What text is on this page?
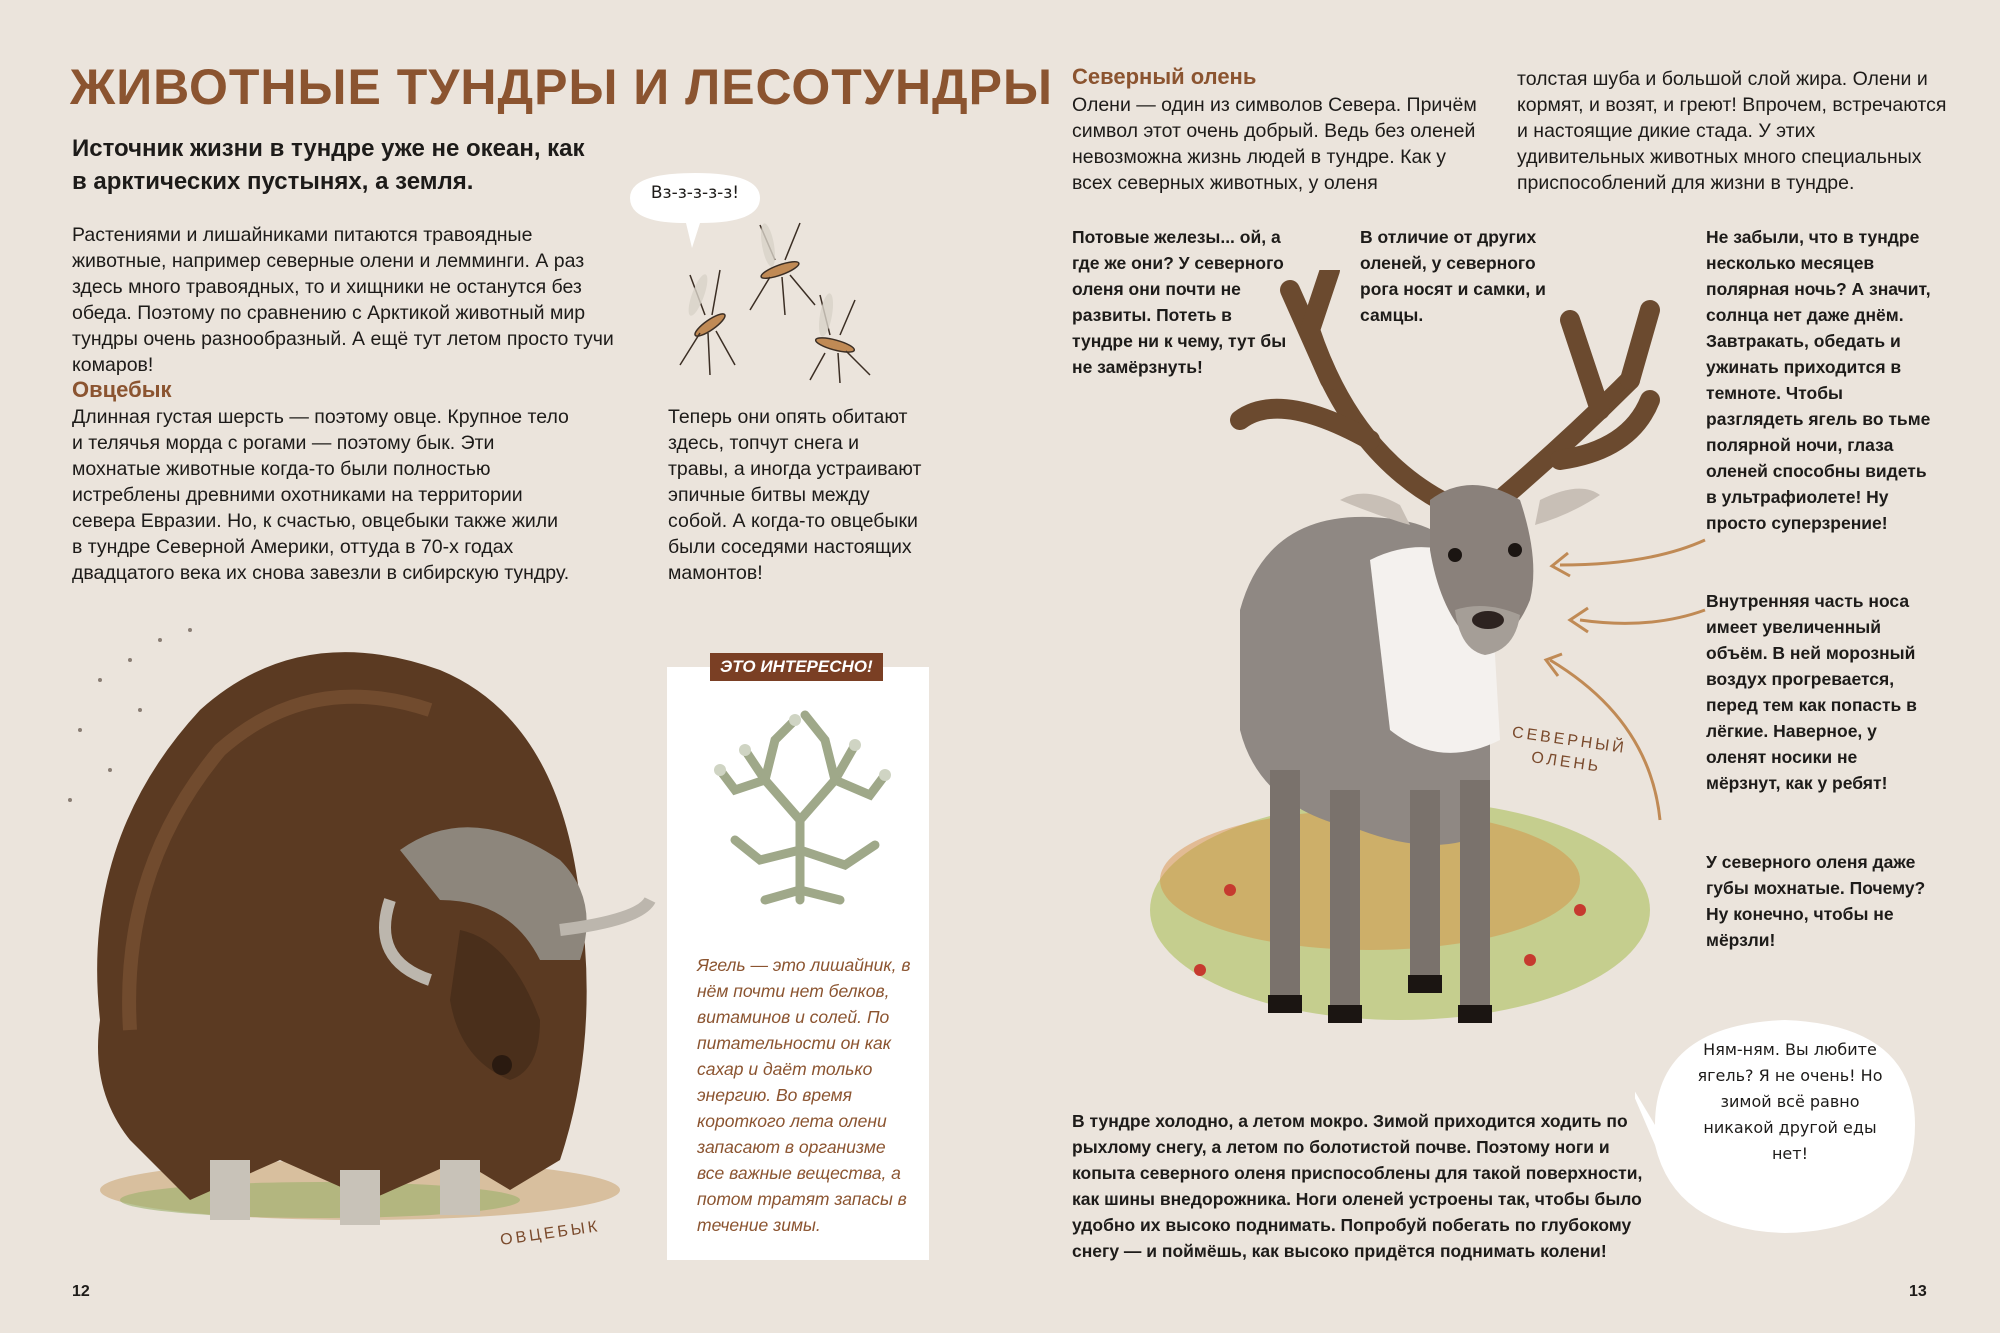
ЖИВОТНЫЕ ТУНДРЫ И ЛЕСОТУНДРЫ
Источник жизни в тундре уже не океан, как в арктических пустынях, а земля.	Вз-з-з-з-з!
Растениями и лишайниками питаются травоядные животные, например северные олени и лемминги. А раз здесь много травоядных, то и хищники не останутся без обеда. Поэтому по сравнению с Арктикой животный мир тундры очень разнообразный. А ещё тут летом просто тучи комаров!
Овцебык
Длинная густая шерсть — поэтому овце. Крупное тело и телячья морда с рогами — поэтому бык. Эти мохнатые животные когда-то были полностью истреблены древними охотниками на территории севера Евразии. Но, к счастью, овцебыки также жили в тундре Северной Америки, оттуда в 70-х годах двадцатого века их снова завезли в сибирскую тундру.
Теперь они опять обитают здесь, топчут снега и травы, а иногда устраивают эпичные битвы между собой. А когда-то овцебыки были соседями настоящих мамонтов!
ОВЦЕБЫК
ЭТО ИНТЕРЕСНО!
Ягель — это лишайник, в нём почти нет белков, витаминов и солей. По питательности он как сахар и даёт только энергию. Во время короткого лета олени запасают в организме все важные вещества, а потом тратят запасы в течение зимы.
12
Северный олень
Олени — один из символов Севера. Причём символ этот очень добрый. Ведь без оленей невозможна жизнь людей в тундре. Как у всех северных животных, у оленя
толстая шуба и большой слой жира. Олени и кормят, и возят, и греют! Впрочем, встречаются и настоящие дикие стада. У этих удивительных животных много специальных приспособлений для жизни в тундре.
Потовые железы... ой, а где же они? У северного оленя они почти не развиты. Потеть в тундре ни к чему, тут бы не замёрзнуть!
В отличие от других оленей, у северного рога носят и самки, и самцы.
Не забыли, что в тундре несколько месяцев полярная ночь? А значит, солнца нет даже днём. Завтракать, обедать и ужинать приходится в темноте. Чтобы разглядеть ягель во тьме полярной ночи, глаза оленей способны видеть в ультрафиолете! Ну просто суперзрение!
Внутренняя часть носа имеет увеличенный объём. В ней морозный воздух прогревается, перед тем как попасть в лёгкие. Наверное, у оленят носики не мёрзнут, как у ребят!
У северного оленя даже губы мохнатые. Почему? Ну конечно, чтобы не мёрзли!
СЕВЕРНЫЙ
ОЛЕНЬ
В тундре холодно, а летом мокро. Зимой приходится ходить по рыхлому снегу, а летом по болотистой почве. Поэтому ноги и копыта северного оленя приспособлены для такой поверхности, как шины внедорожника. Ноги оленей устроены так, чтобы было удобно их высоко поднимать. Попробуй побегать по глубокому снегу — и поймёшь, как высоко придётся поднимать колени!
Ням-ням. Вы любите ягель? Я не очень! Но зимой всё равно никакой другой еды нет!
13
